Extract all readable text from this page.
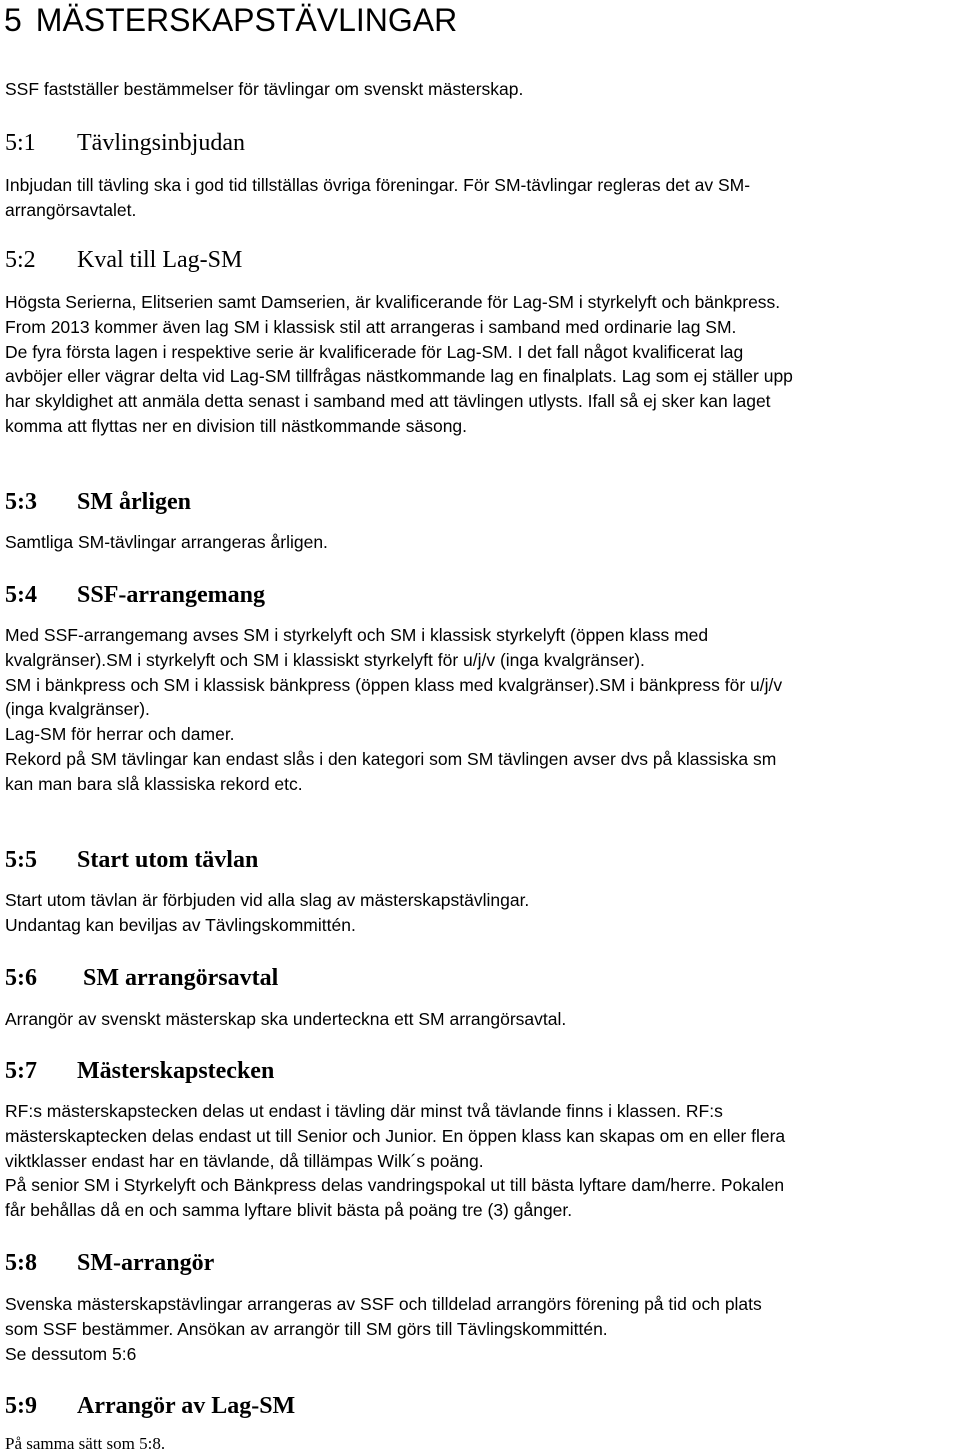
5 MÄSTERSKAPSTÄVLINGAR

SSF fastställer bestämmelser för tävlingar om svenskt mästerskap.

5:1 Tävlingsinbjudan

Inbjudan till tävling ska i god tid tillställas övriga föreningar. För SM-tävlingar regleras det av SM-
arrangörsavtalet.

5:2 Kval till Lag-SM

Högsta Serierna, Elitserien samt Damserien, är kvalificerande för Lag-SM i styrkelyft och bänkpress.
From 2013 kommer även lag SM i klassisk stil att arrangeras i samband med ordinarie lag SM.
De fyra första lagen i respektive serie är kvalificerade för Lag-SM. I det fall något kvalificerat lag
avböjer eller vägrar delta vid Lag-SM tillfrågas nästkommande lag en finalplats. Lag som ej ställer upp
har skyldighet att anmäla detta senast i samband med att tävlingen utlysts. Ifall så ej sker kan laget
komma att flyttas ner en division till nästkommande säsong.

5:3 SM årligen

Samtliga SM-tävlingar arrangeras årligen.

5:4 SSF-arrangemang

Med SSF-arrangemang avses SM i styrkelyft och SM i klassisk styrkelyft (öppen klass med
kvalgränser).SM i styrkelyft och SM i klassiskt styrkelyft för u/j/v (inga kvalgränser).
SM i bänkpress och SM i klassisk bänkpress (öppen klass med kvalgränser).SM i bänkpress för u/j/v
(inga kvalgränser).
Lag-SM för herrar och damer.
Rekord på SM tävlingar kan endast slås i den kategori som SM tävlingen avser dvs på klassiska sm
kan man bara slå klassiska rekord etc.

5:5 Start utom tävlan

Start utom tävlan är förbjuden vid alla slag av mästerskapstävlingar.
Undantag kan beviljas av Tävlingskommittén.

5:6 SM arrangörsavtal

Arrangör av svenskt mästerskap ska underteckna ett SM arrangörsavtal.

5:7 Mästerskapstecken

RF:s mästerskapstecken delas ut endast i tävling där minst två tävlande finns i klassen. RF:s
mästerskaptecken delas endast ut till Senior och Junior. En öppen klass kan skapas om en eller flera
viktklasser endast har en tävlande, då tillämpas Wilk´s poäng.
På senior SM i Styrkelyft och Bänkpress delas vandringspokal ut till bästa lyftare dam/herre. Pokalen
får behållas då en och samma lyftare blivit bästa på poäng tre (3) gånger.

5:8 SM-arrangör

Svenska mästerskapstävlingar arrangeras av SSF och tilldelad arrangörs förening på tid och plats
som SSF bestämmer. Ansökan av arrangör till SM görs till Tävlingskommittén.
Se dessutom 5:6

5:9 Arrangör av Lag-SM

På samma sätt som 5:8.
